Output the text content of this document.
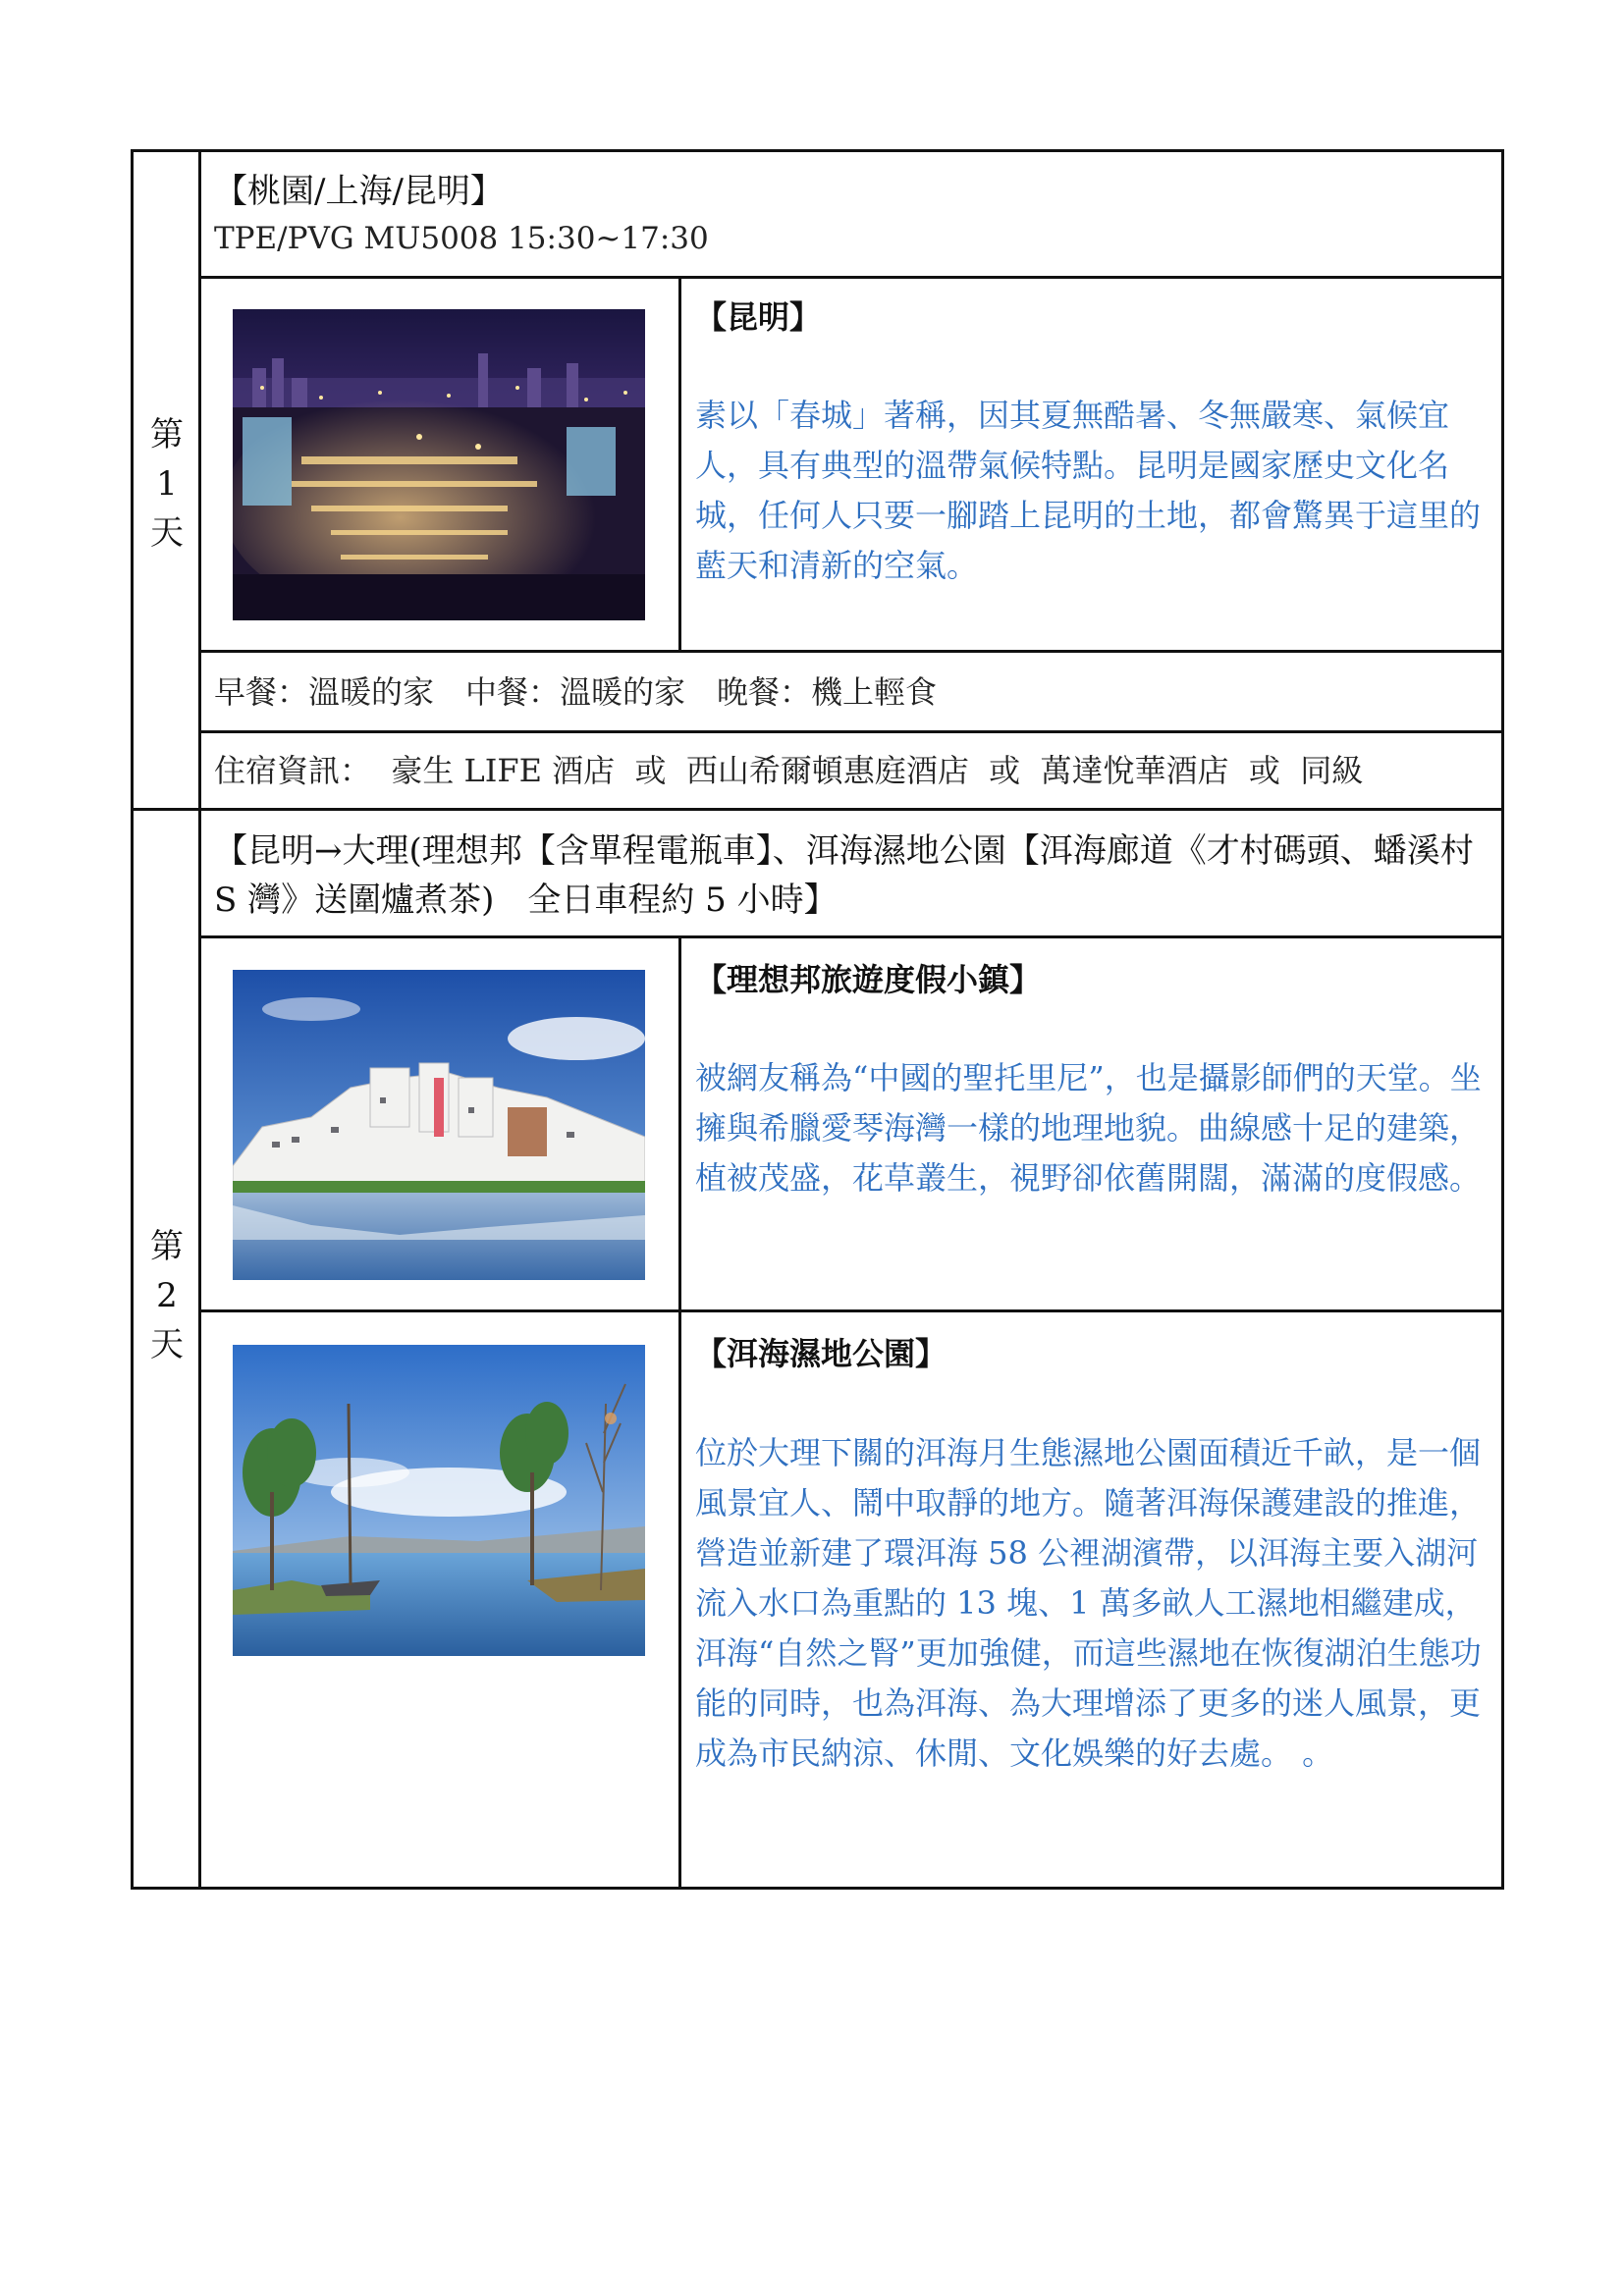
第
1
天
【桃園/上海/昆明】
TPE/PVG MU5008 15:30~17:30
【昆明】
素以「春城」著稱，因其夏無酷暑、冬無嚴寒、氣候宜人，具有典型的溫帶氣候特點。昆明是國家歷史文化名城，任何人只要一腳踏上昆明的土地，都會驚異于這里的藍天和清新的空氣。
早餐：溫暖的家　中餐：溫暖的家　晚餐：機上輕食
住宿資訊：  豪生 LIFE 酒店  或  西山希爾頓惠庭酒店  或  萬達悅華酒店  或  同級
第
2
天
【昆明→大理(理想邦【含單程電瓶車】、洱海濕地公園【洱海廊道《才村碼頭、蟠溪村 S 灣》送圍爐煮茶)　全日車程約 5 小時】
【理想邦旅遊度假小鎮】
被網友稱為“中國的聖托里尼”，也是攝影師們的天堂。坐擁與希臘愛琴海灣一樣的地理地貌。曲線感十足的建築，植被茂盛，花草叢生，視野卻依舊開闊，滿滿的度假感。
【洱海濕地公園】
位於大理下關的洱海月生態濕地公園面積近千畝，是一個風景宜人、鬧中取靜的地方。隨著洱海保護建設的推進，營造並新建了環洱海 58 公裡湖濱帶，以洱海主要入湖河流入水口為重點的 13 塊、1 萬多畝人工濕地相繼建成，洱海“自然之腎”更加強健，而這些濕地在恢復湖泊生態功能的同時，也為洱海、為大理增添了更多的迷人風景，更成為市民納涼、休閒、文化娛樂的好去處。 。
